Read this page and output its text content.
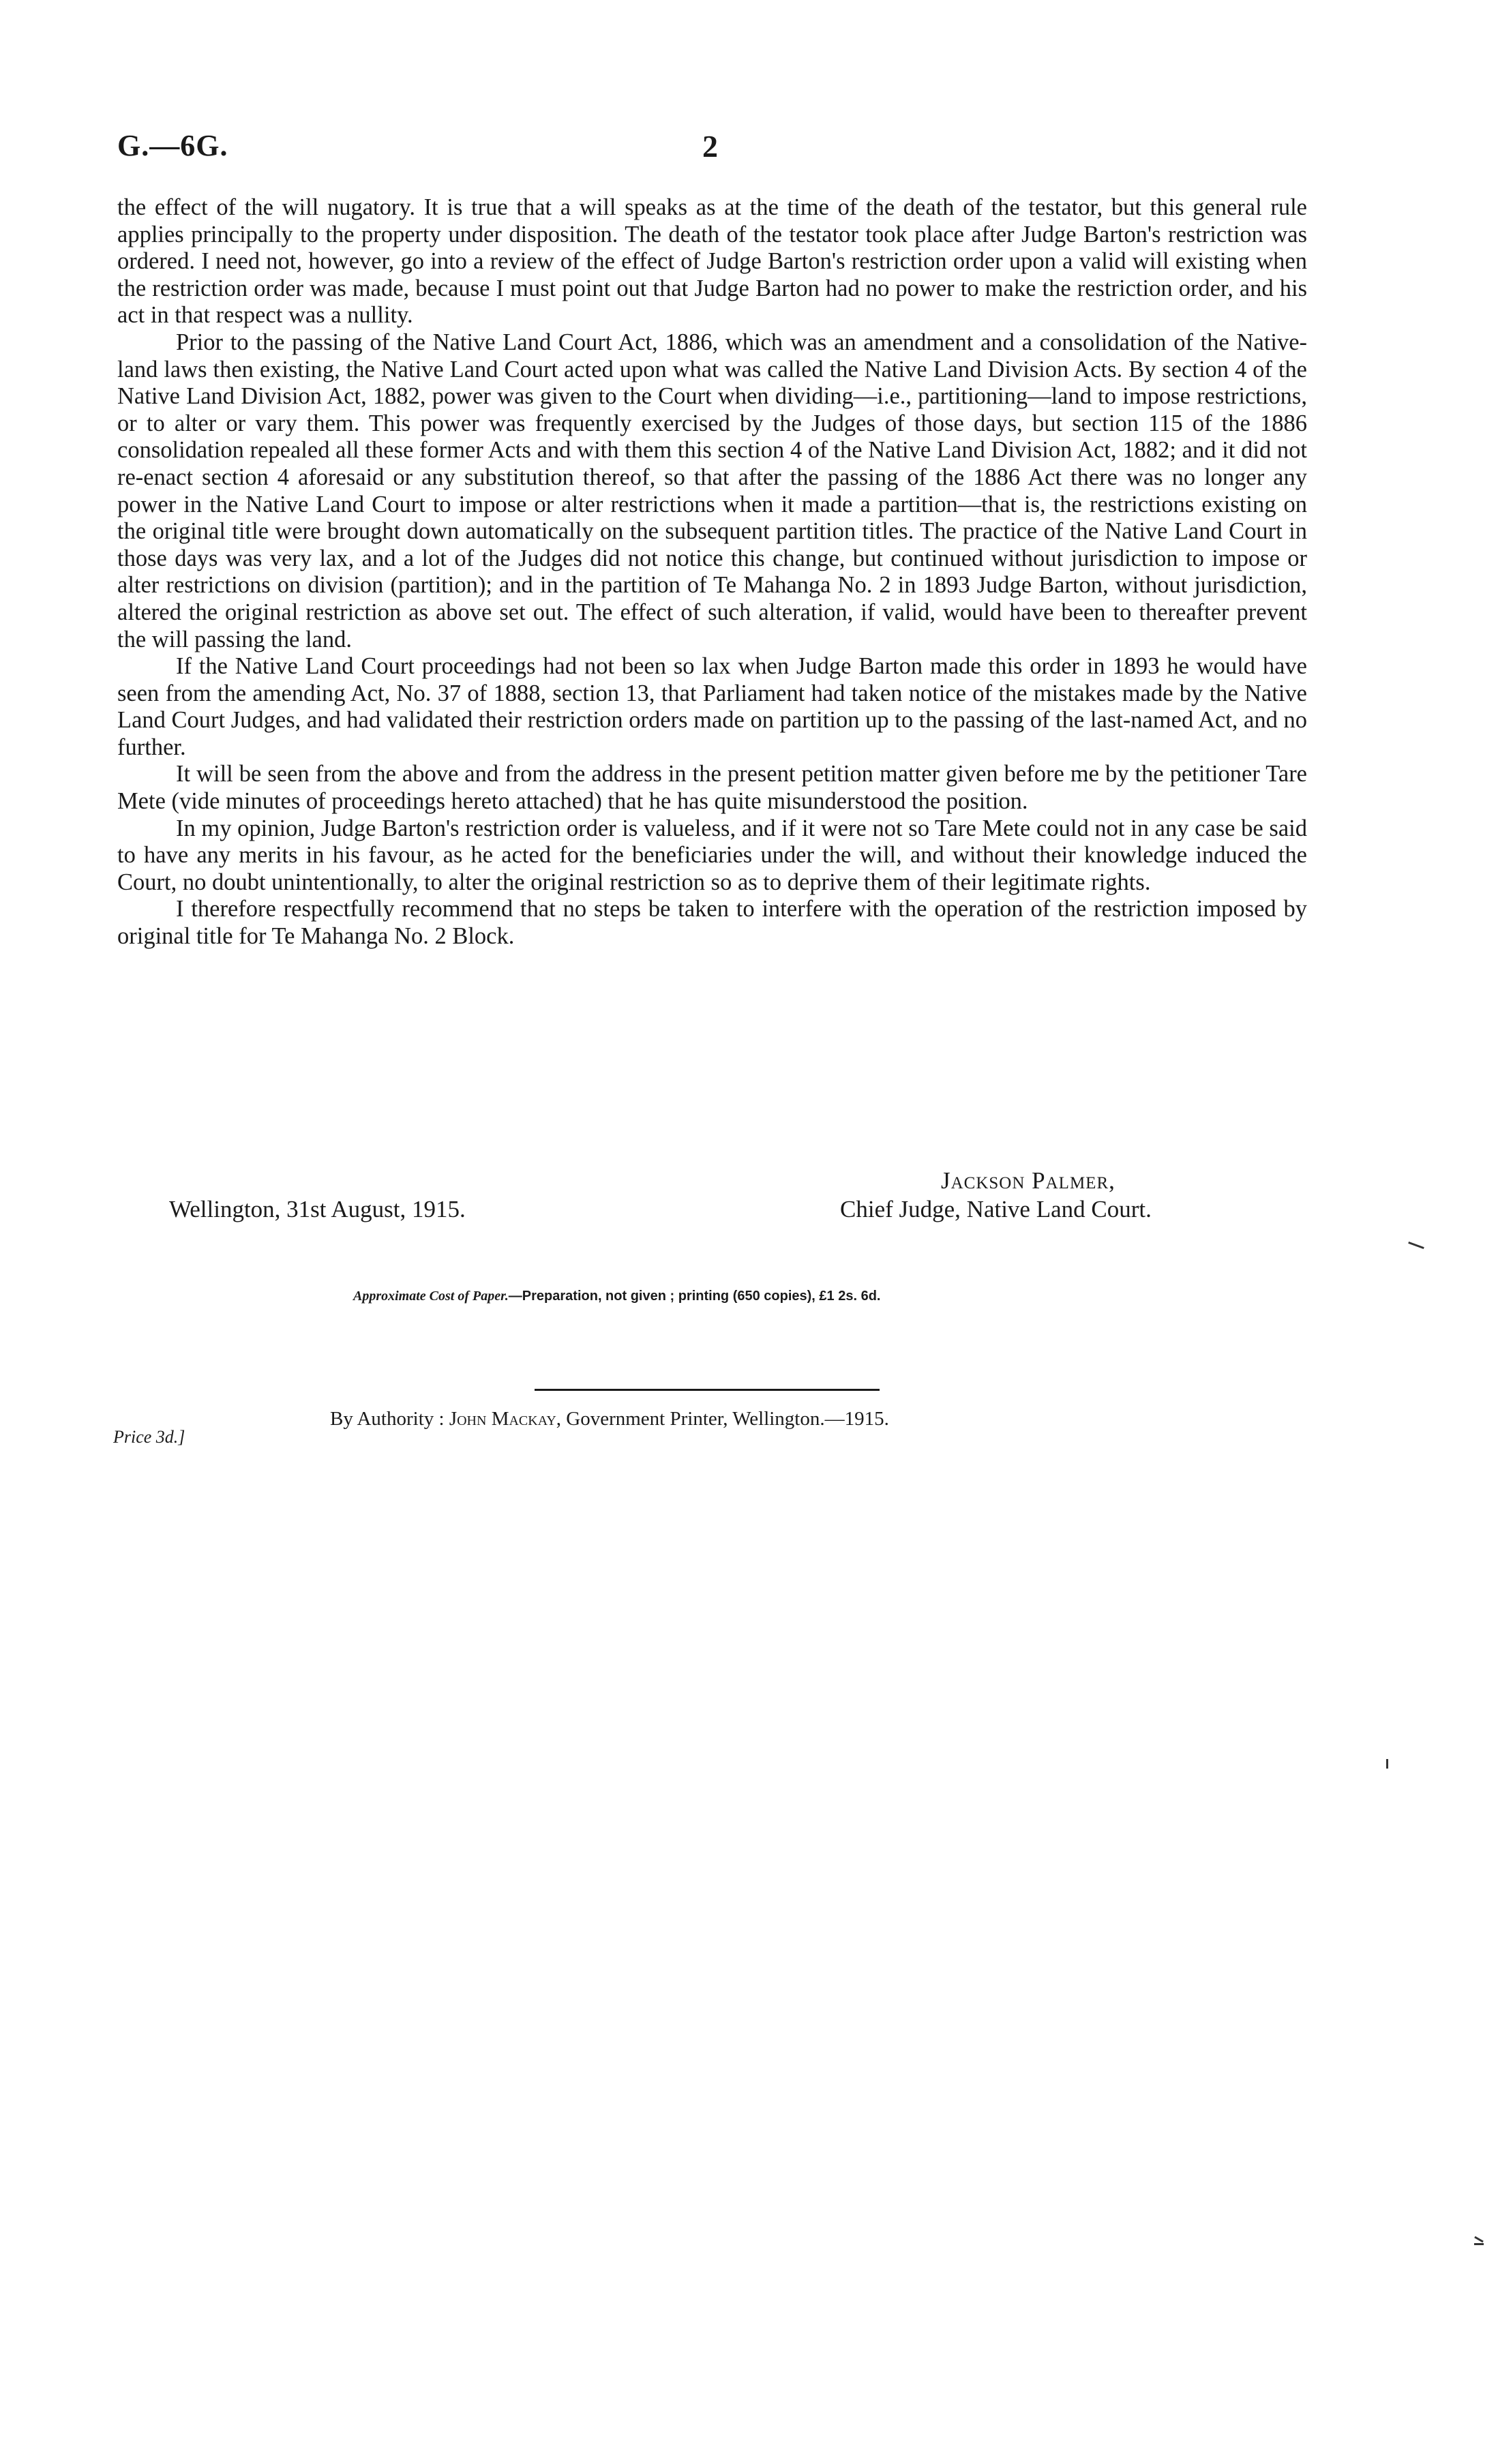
G.—6G.	2

the effect of the will nugatory. It is true that a will speaks as at the time of the death of the testator, but this general rule applies principally to the property under disposition. The death of the testator took place after Judge Barton's restriction was ordered. I need not, however, go into a review of the effect of Judge Barton's restriction order upon a valid will existing when the restriction order was made, because I must point out that Judge Barton had no power to make the restriction order, and his act in that respect was a nullity.

Prior to the passing of the Native Land Court Act, 1886, which was an amendment and a consolidation of the Native-land laws then existing, the Native Land Court acted upon what was called the Native Land Division Acts. By section 4 of the Native Land Division Act, 1882, power was given to the Court when dividing—i.e., partitioning—land to impose restrictions, or to alter or vary them. This power was frequently exercised by the Judges of those days, but section 115 of the 1886 consolidation repealed all these former Acts and with them this section 4 of the Native Land Division Act, 1882; and it did not re-enact section 4 aforesaid or any substitution thereof, so that after the passing of the 1886 Act there was no longer any power in the Native Land Court to impose or alter restrictions when it made a partition—that is, the restrictions existing on the original title were brought down automatically on the subsequent partition titles. The practice of the Native Land Court in those days was very lax, and a lot of the Judges did not notice this change, but continued without jurisdiction to impose or alter restrictions on division (partition); and in the partition of Te Mahanga No. 2 in 1893 Judge Barton, without jurisdiction, altered the original restriction as above set out. The effect of such alteration, if valid, would have been to thereafter prevent the will passing the land.

If the Native Land Court proceedings had not been so lax when Judge Barton made this order in 1893 he would have seen from the amending Act, No. 37 of 1888, section 13, that Parliament had taken notice of the mistakes made by the Native Land Court Judges, and had validated their restriction orders made on partition up to the passing of the last-named Act, and no further.

It will be seen from the above and from the address in the present petition matter given before me by the petitioner Tare Mete (vide minutes of proceedings hereto attached) that he has quite misunderstood the position.

In my opinion, Judge Barton's restriction order is valueless, and if it were not so Tare Mete could not in any case be said to have any merits in his favour, as he acted for the beneficiaries under the will, and without their knowledge induced the Court, no doubt unintentionally, to alter the original restriction so as to deprive them of their legitimate rights.

I therefore respectfully recommend that no steps be taken to interfere with the operation of the restriction imposed by original title for Te Mahanga No. 2 Block.

Jackson Palmer,
Wellington, 31st August, 1915.	Chief Judge, Native Land Court.
Approximate Cost of Paper.—Preparation, not given ; printing (650 copies), £1 2s. 6d.
By Authority : John Mackay, Government Printer, Wellington.—1915.
Price 3d.]
